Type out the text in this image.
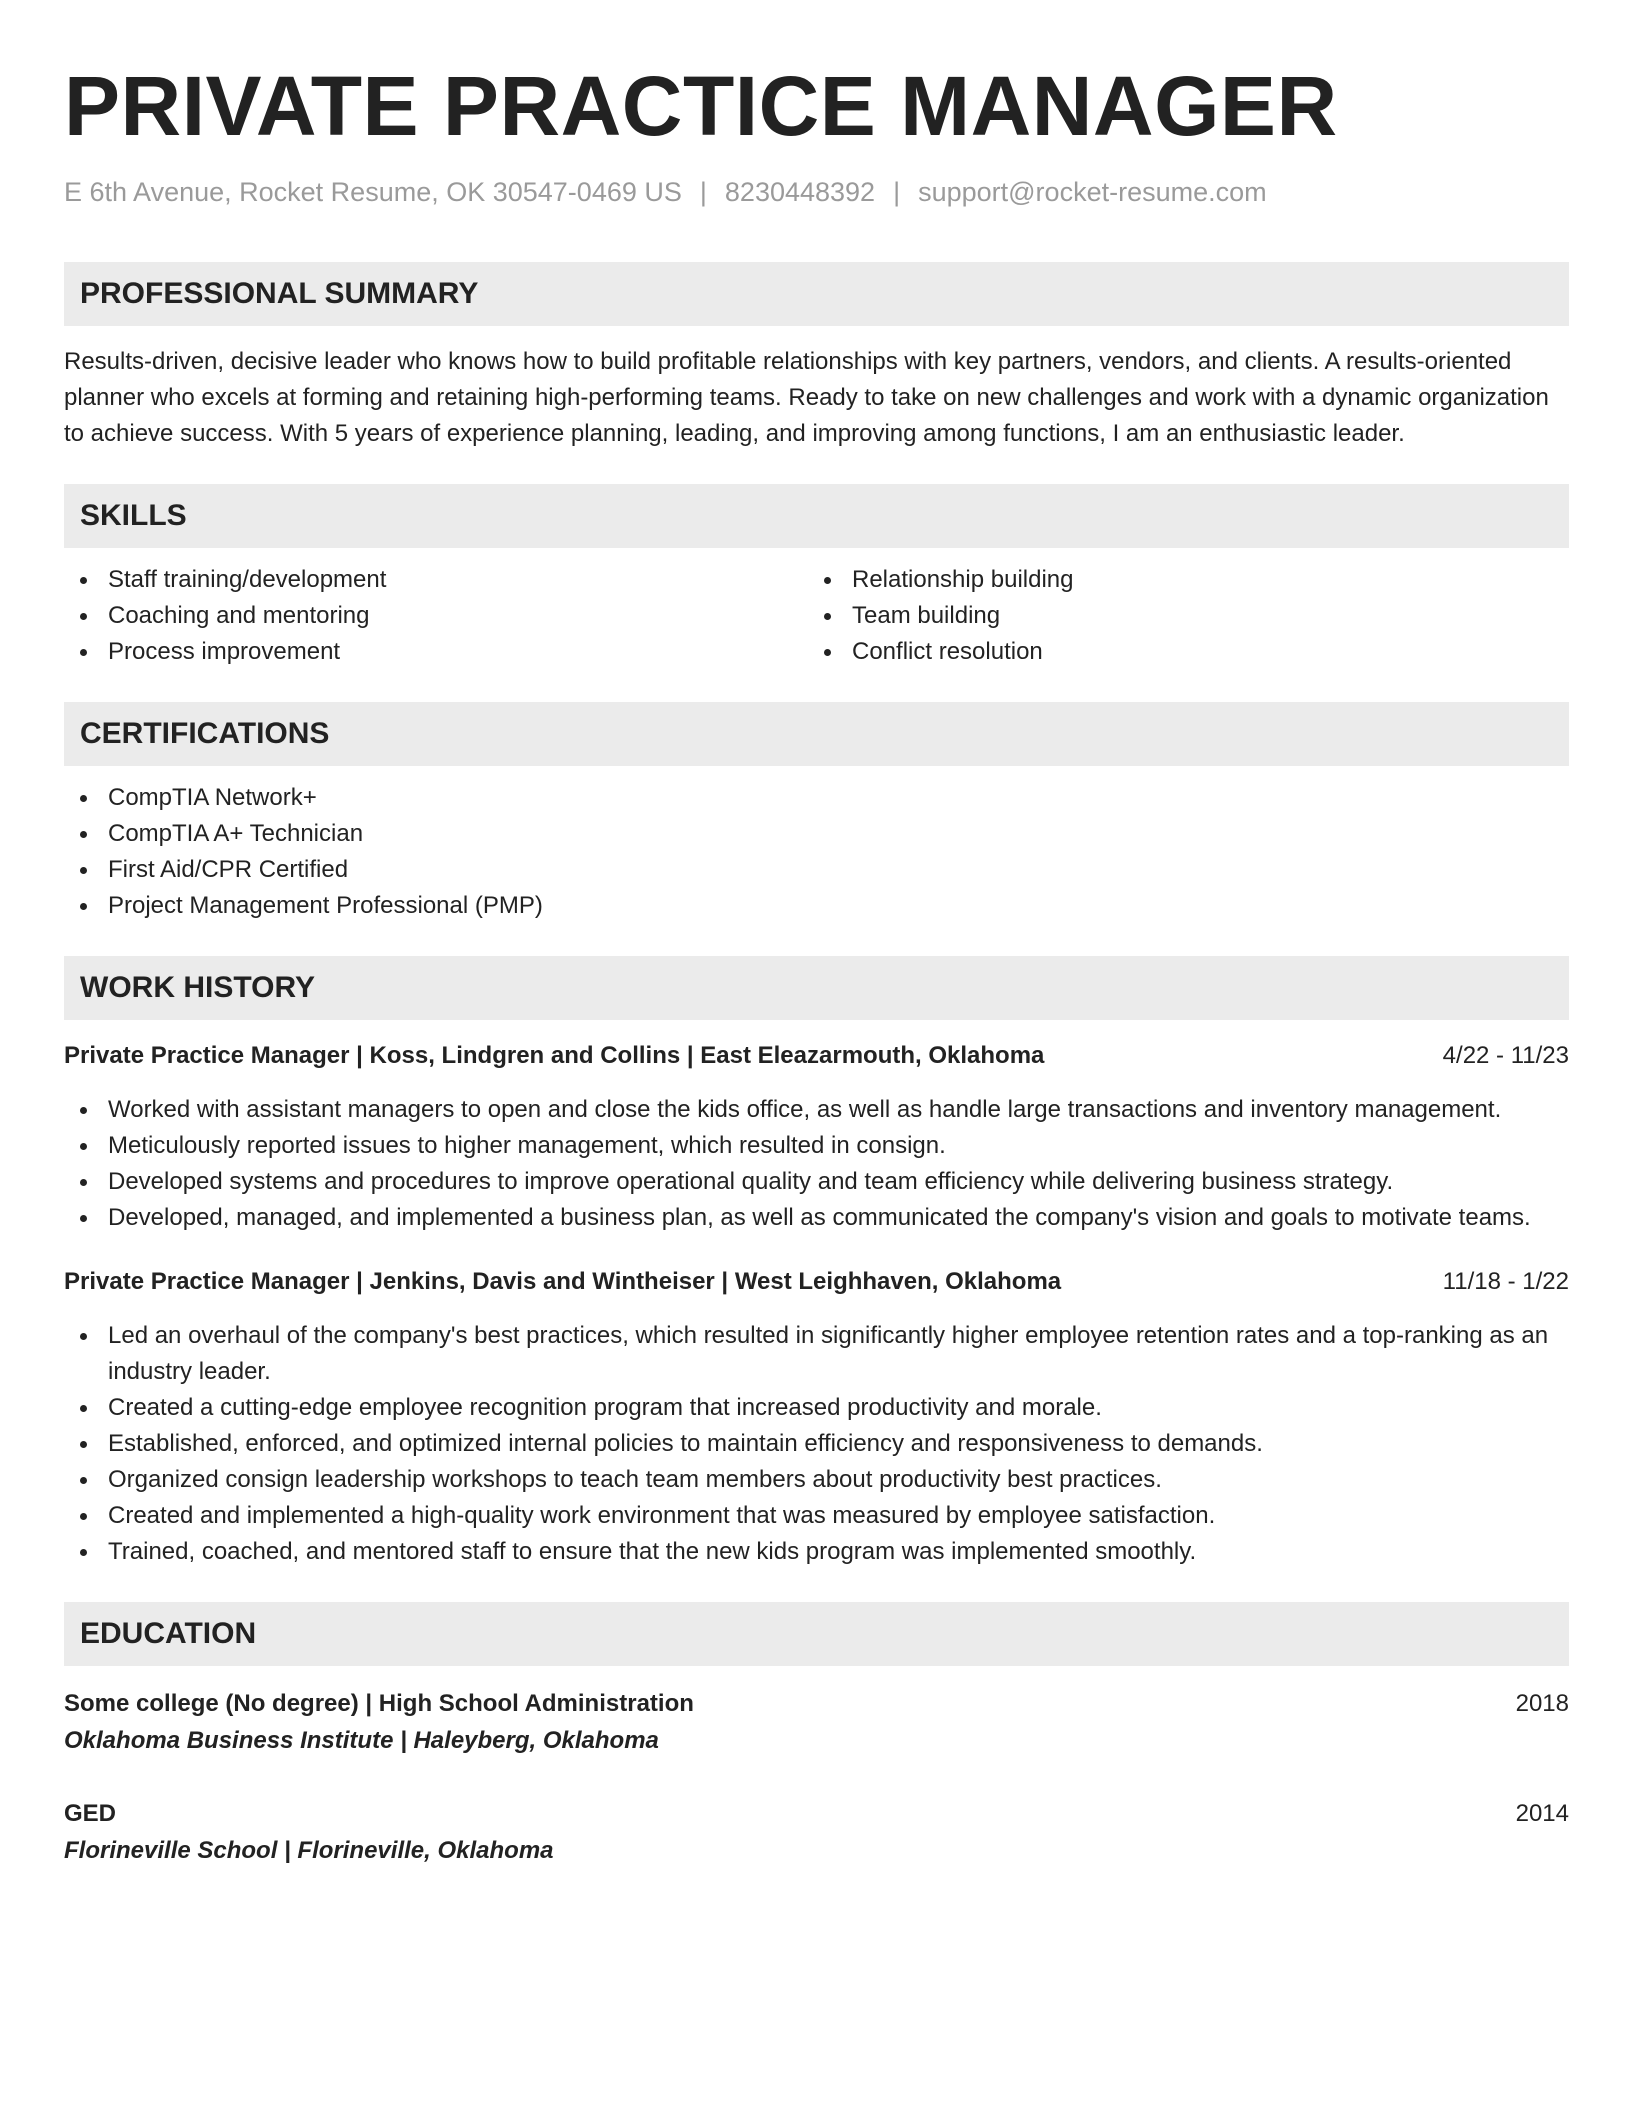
PRIVATE PRACTICE MANAGER
E 6th Avenue, Rocket Resume, OK 30547-0469 US | 8230448392 | support@rocket-resume.com
PROFESSIONAL SUMMARY

Results-driven, decisive leader who knows how to build profitable relationships with key partners, vendors, and clients. A results-oriented planner who excels at forming and retaining high-performing teams. Ready to take on new challenges and work with a dynamic organization to achieve success. With 5 years of experience planning, leading, and improving among functions, I am an enthusiastic leader.

SKILLS
Staff training/development
Coaching and mentoring
Process improvement
Relationship building
Team building
Conflict resolution
CERTIFICATIONS
CompTIA Network+
CompTIA A+ Technician
First Aid/CPR Certified
Project Management Professional (PMP)
WORK HISTORY
Private Practice Manager | Koss, Lindgren and Collins | East Eleazarmouth, Oklahoma	4/22 - 11/23
Worked with assistant managers to open and close the kids office, as well as handle large transactions and inventory management.
Meticulously reported issues to higher management, which resulted in consign.
Developed systems and procedures to improve operational quality and team efficiency while delivering business strategy.
Developed, managed, and implemented a business plan, as well as communicated the company's vision and goals to motivate teams.
Private Practice Manager | Jenkins, Davis and Wintheiser | West Leighhaven, Oklahoma	11/18 - 1/22
Led an overhaul of the company's best practices, which resulted in significantly higher employee retention rates and a top-ranking as an industry leader.
Created a cutting-edge employee recognition program that increased productivity and morale.
Established, enforced, and optimized internal policies to maintain efficiency and responsiveness to demands.
Organized consign leadership workshops to teach team members about productivity best practices.
Created and implemented a high-quality work environment that was measured by employee satisfaction.
Trained, coached, and mentored staff to ensure that the new kids program was implemented smoothly.
EDUCATION
Some college (No degree) | High School Administration	2018
Oklahoma Business Institute | Haleyberg, Oklahoma
GED	2014
Florineville School | Florineville, Oklahoma
